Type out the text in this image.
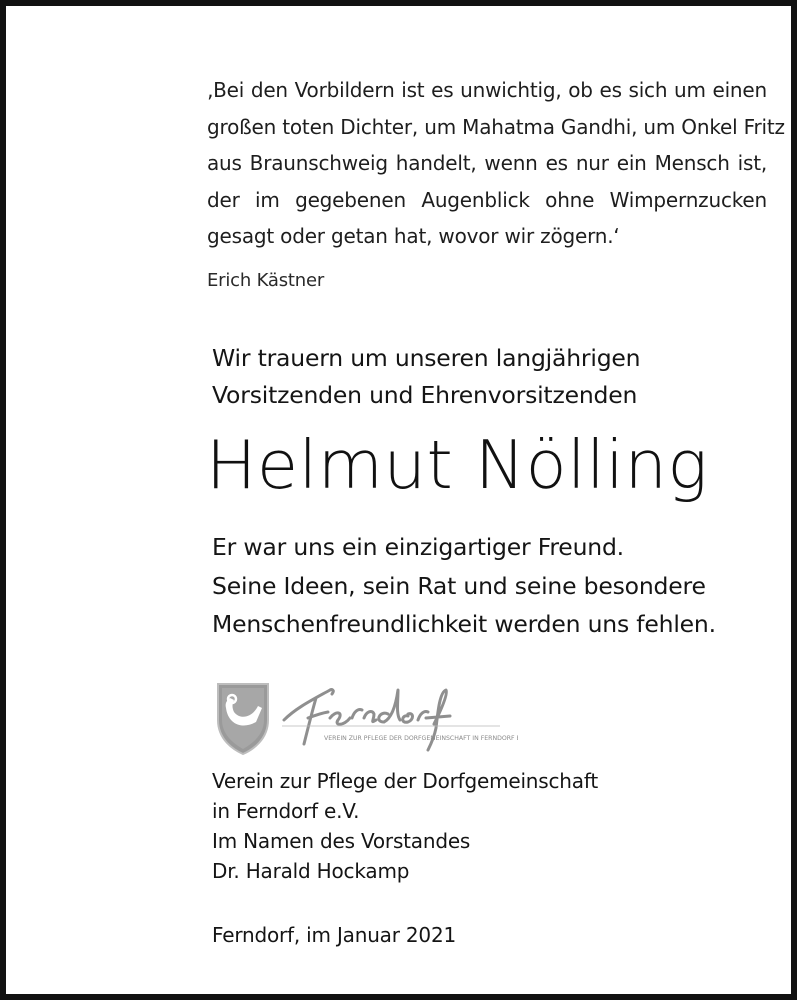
‚Bei den Vorbildern ist es unwichtig, ob es sich um einen
großen toten Dichter, um Mahatma Gandhi, um Onkel Fritz
aus Braunschweig handelt, wenn es nur ein Mensch ist,
der im gegebenen Augenblick ohne Wimpernzucken
gesagt oder getan hat, wovor wir zögern.‘
Erich Kästner
Wir trauern um unseren langjährigen
Vorsitzenden und Ehrenvorsitzenden
Helmut Nölling
Er war uns ein einzigartiger Freund.
Seine Ideen, sein Rat und seine besondere
Menschenfreundlichkeit werden uns fehlen.
VEREIN ZUR PFLEGE DER DORFGEMEINSCHAFT IN FERNDORF E.V.
Verein zur Pflege der Dorfgemeinschaft
in Ferndorf e.V.
Im Namen des Vorstandes
Dr. Harald Hockamp
Ferndorf, im Januar 2021
